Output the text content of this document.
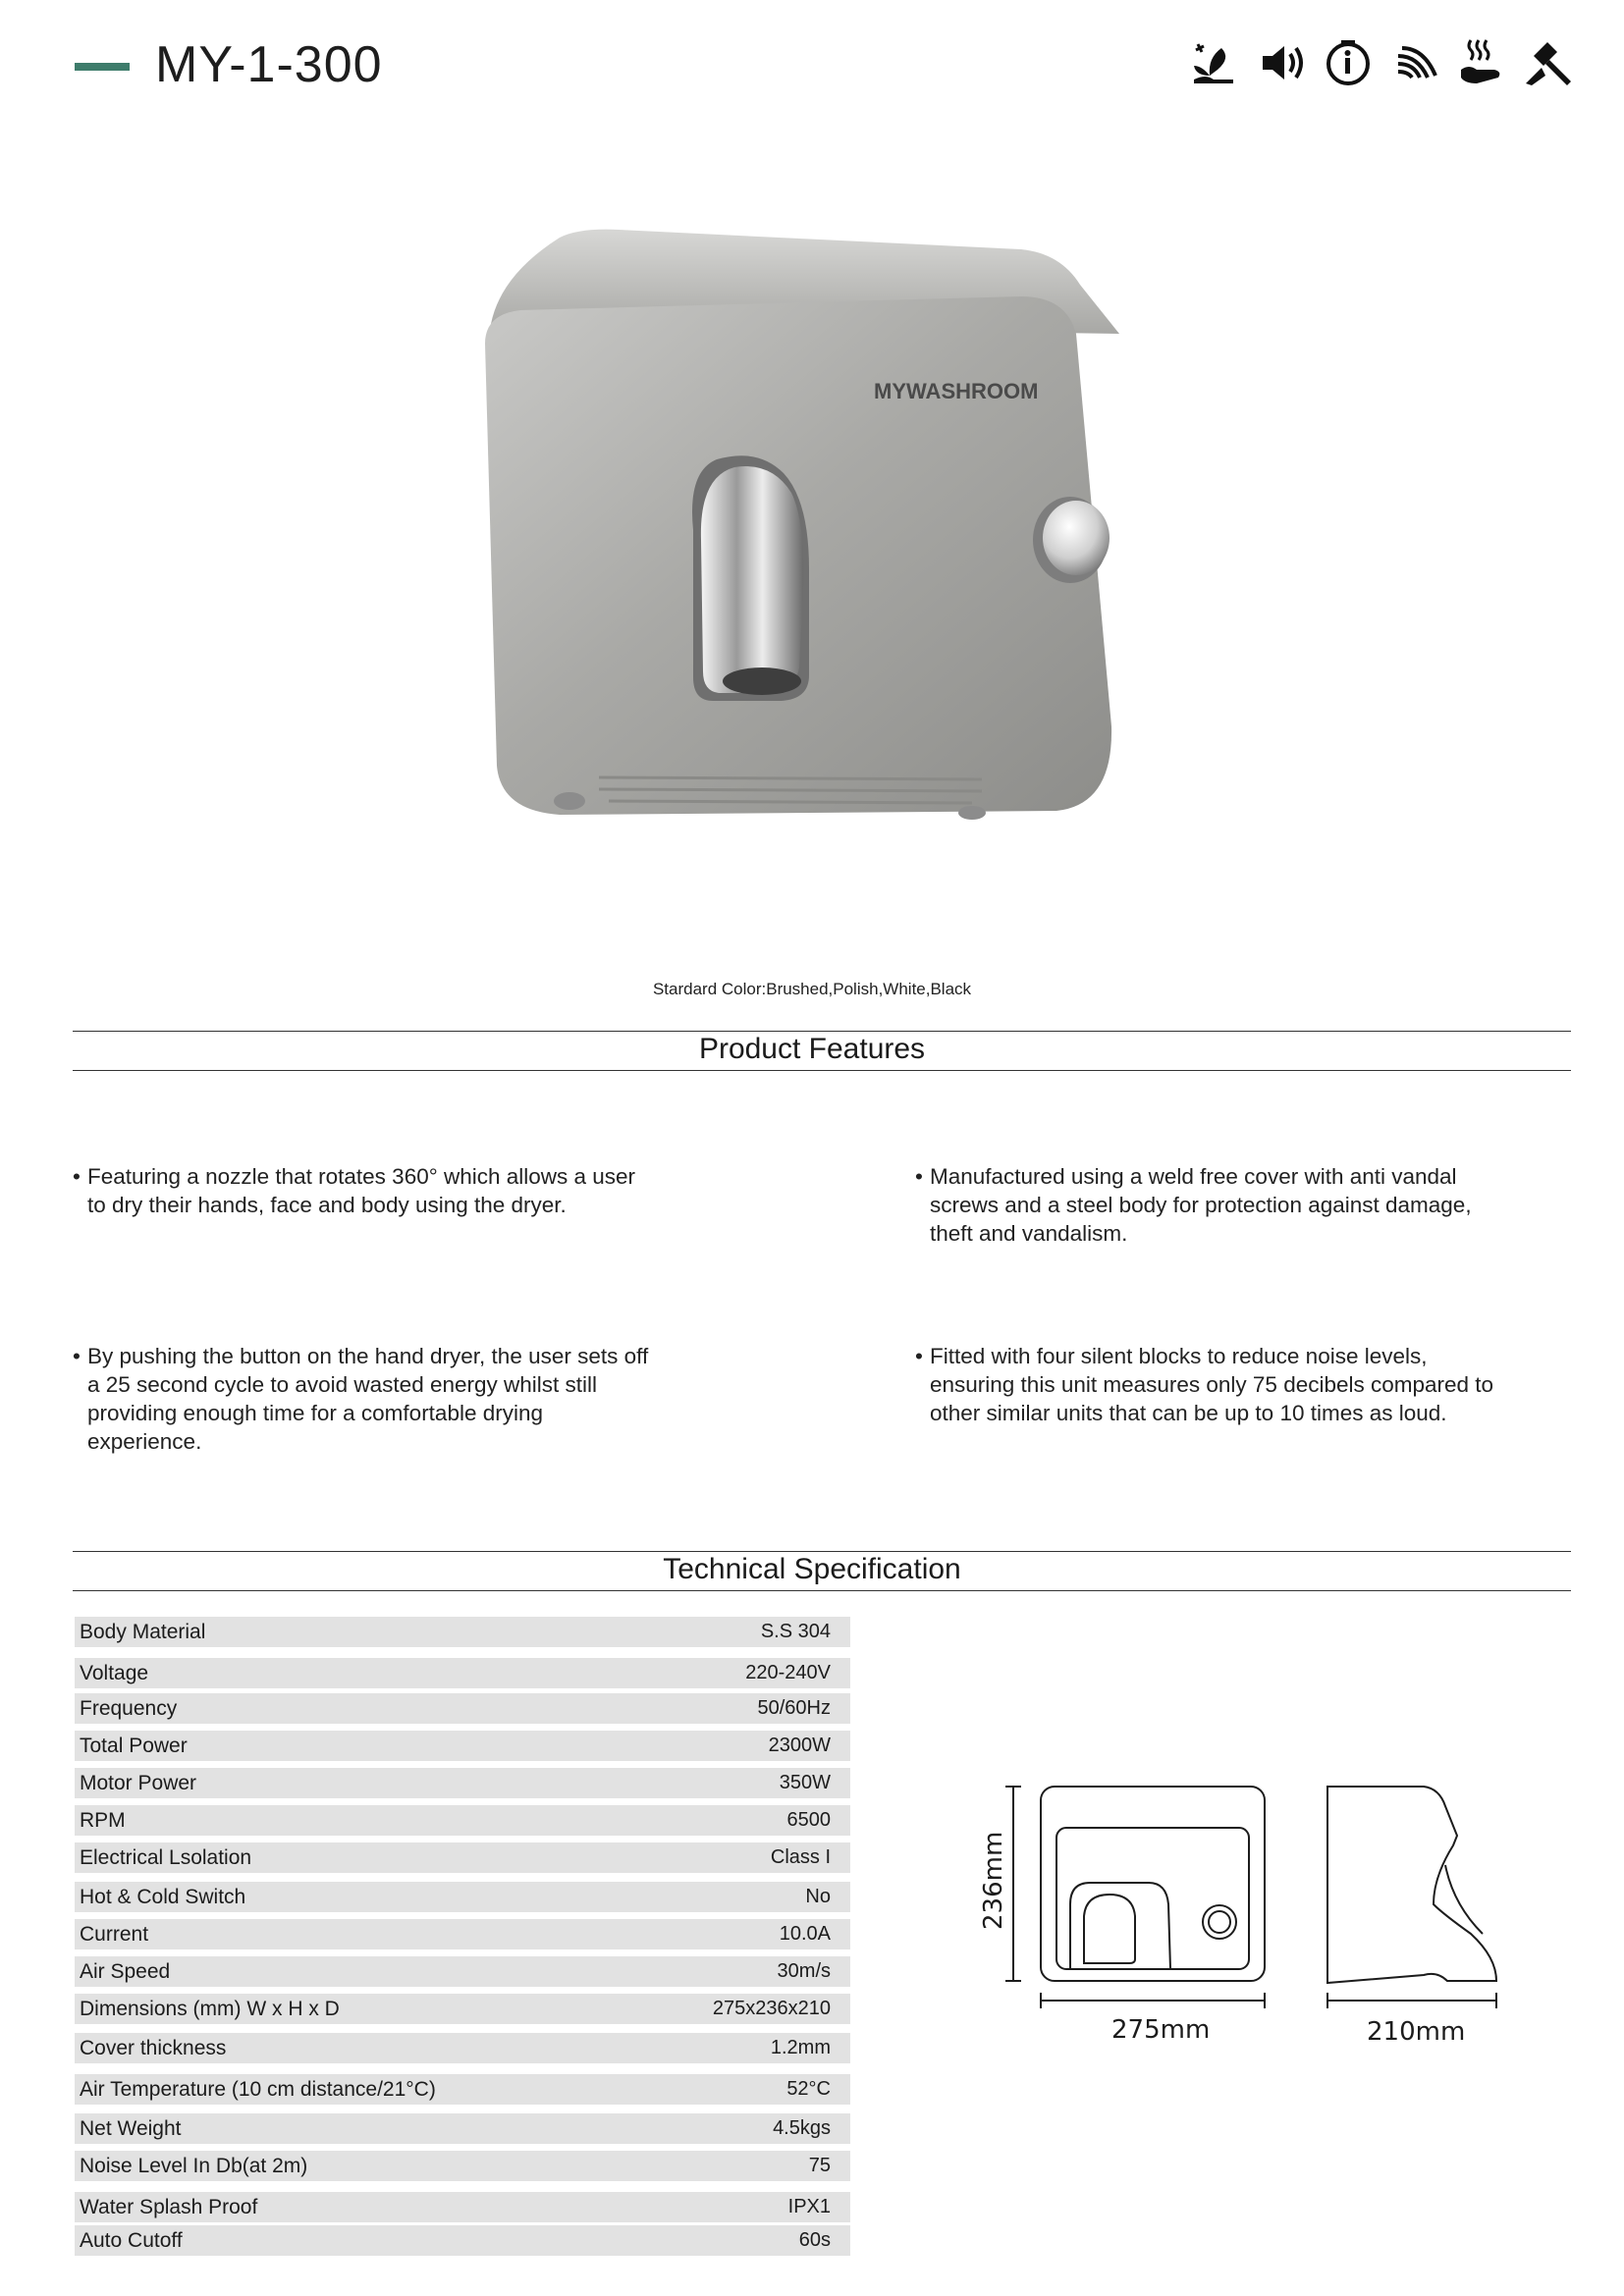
MY-1-300
MYWASHROOM
Stardard Color:Brushed,Polish,White,Black
Product Features
• Featuring a nozzle that rotates 360° which allows a user
to dry their hands, face and body using the dryer.
• Manufactured using a weld free cover with anti vandal
screws and a steel body for protection against damage,
theft and vandalism.
• By pushing the button on the hand dryer, the user sets off
a 25 second cycle to avoid wasted energy whilst still
providing enough time for a comfortable drying
experience.
• Fitted with four silent blocks to reduce noise levels,
ensuring this unit measures only 75 decibels compared to
other similar units that can be up to 10 times as loud.
Technical Specification
Body Material	S.S 304
Voltage	220-240V
Frequency	50/60Hz
Total Power	2300W
Motor Power	350W
RPM	6500
Electrical Lsolation	Class I
Hot & Cold Switch	No
Current	10.0A
Air Speed	30m/s
Dimensions (mm) W x H x D	275x236x210
Cover thickness	1.2mm
Air Temperature (10 cm distance/21°C)	52°C
Net Weight	4.5kgs
Noise Level In Db(at 2m)	75
Water Splash Proof	IPX1
Auto Cutoff	60s
236mm
275mm	210mm
